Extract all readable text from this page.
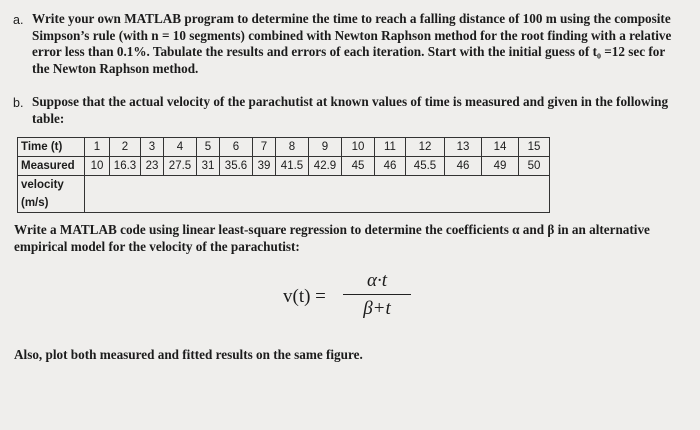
a. Write your own MATLAB program to determine the time to reach a falling distance of 100 m using the composite
Simpson’s rule (with n = 10 segments) combined with Newton Raphson method for the root finding with a relative
error less than 0.1%. Tabulate the results and errors of each iteration. Start with the initial guess of t₀ =12 sec for
the Newton Raphson method.
b. Suppose that the actual velocity of the parachutist at known values of time is measured and given in the following
table:
Time (t)	1	2	3	4	5	6	7	8	9	10	11	12	13	14	15
Measured	10	16.3	23	27.5	31	35.6	39	41.5	42.9	45	46	45.5	46	49	50
velocity															
(m/s)															
Write a MATLAB code using linear least-square regression to determine the coefficients α and β in an alternative
empirical model for the velocity of the parachutist:
v(t) =
α·t
β+t
Also, plot both measured and fitted results on the same figure.
